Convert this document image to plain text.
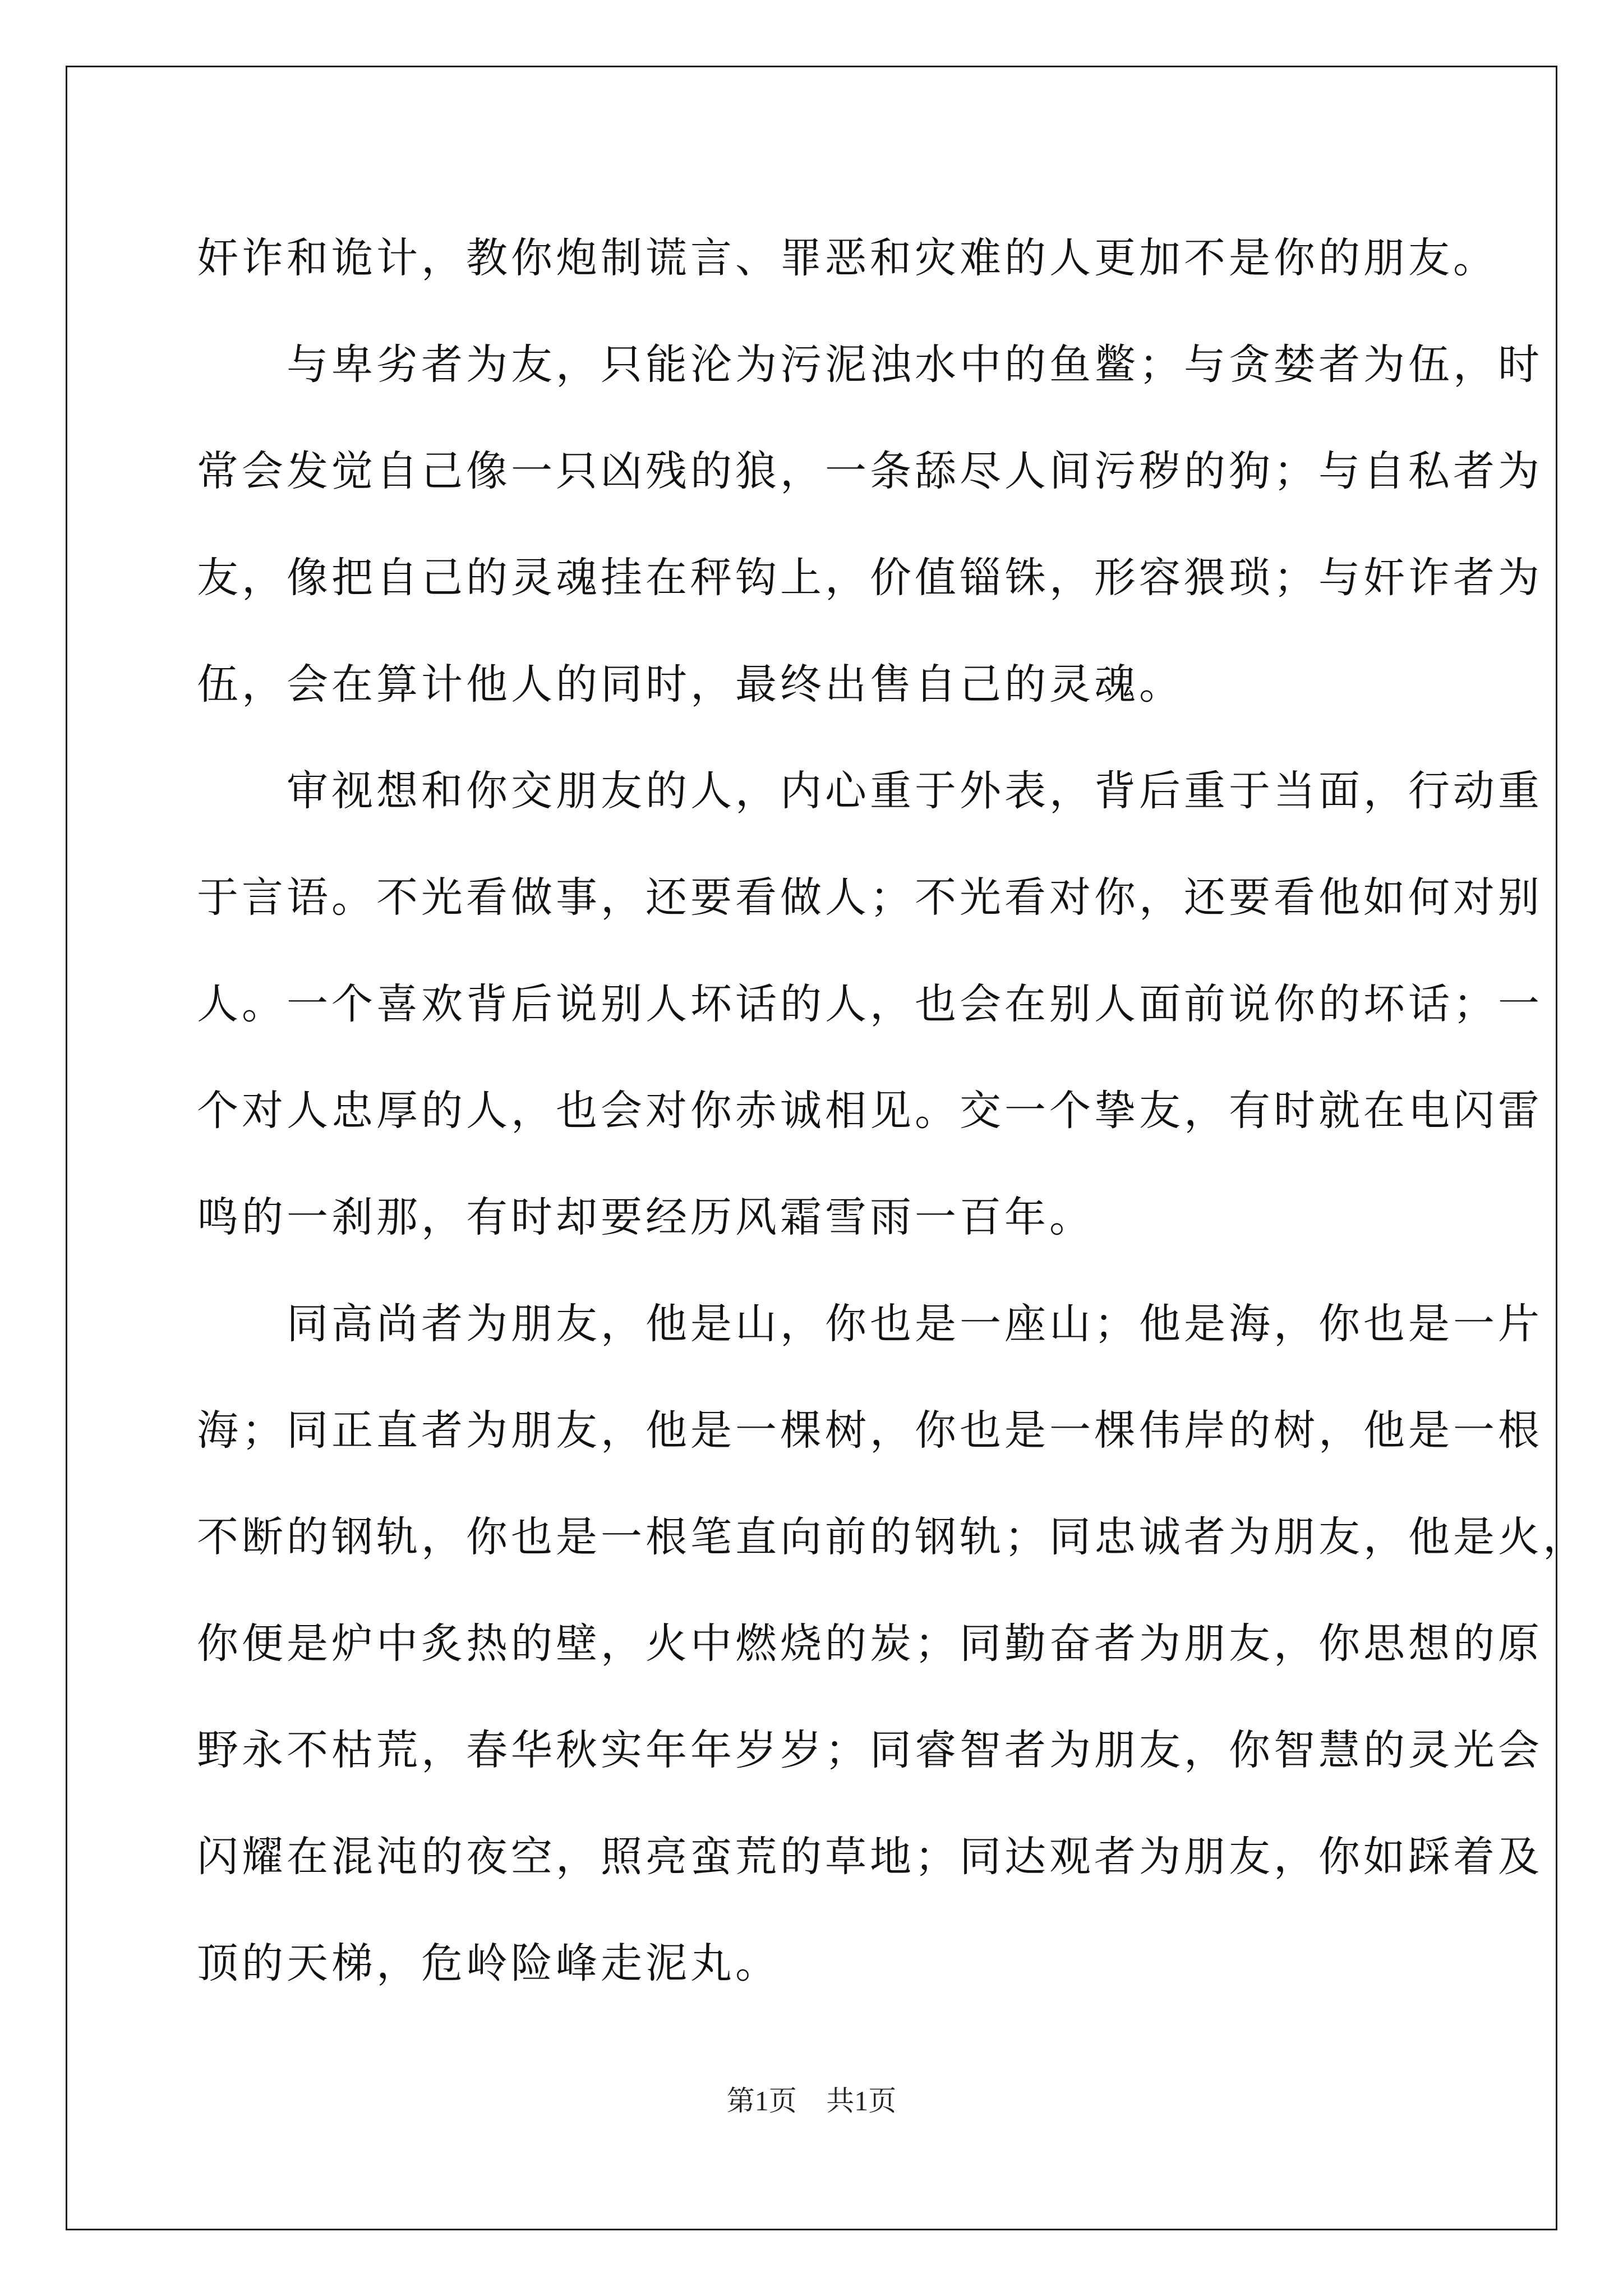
奸诈和诡计，教你炮制谎言、罪恶和灾难的人更加不是你的朋友。
与卑劣者为友，只能沦为污泥浊水中的鱼鳖；与贪婪者为伍，时
常会发觉自己像一只凶残的狼，一条舔尽人间污秽的狗；与自私者为
友，像把自己的灵魂挂在秤钩上，价值锱铢，形容猥琐；与奸诈者为
伍，会在算计他人的同时，最终出售自己的灵魂。
审视想和你交朋友的人，内心重于外表，背后重于当面，行动重
于言语。不光看做事，还要看做人；不光看对你，还要看他如何对别
人。一个喜欢背后说别人坏话的人，也会在别人面前说你的坏话；一
个对人忠厚的人，也会对你赤诚相见。交一个挚友，有时就在电闪雷
鸣的一刹那，有时却要经历风霜雪雨一百年。
同高尚者为朋友，他是山，你也是一座山；他是海，你也是一片
海；同正直者为朋友，他是一棵树，你也是一棵伟岸的树，他是一根
不断的钢轨，你也是一根笔直向前的钢轨；同忠诚者为朋友，他是火，
你便是炉中炙热的壁，火中燃烧的炭；同勤奋者为朋友，你思想的原
野永不枯荒，春华秋实年年岁岁；同睿智者为朋友，你智慧的灵光会
闪耀在混沌的夜空，照亮蛮荒的草地；同达观者为朋友，你如踩着及
顶的天梯，危岭险峰走泥丸。
第1页 共1页
